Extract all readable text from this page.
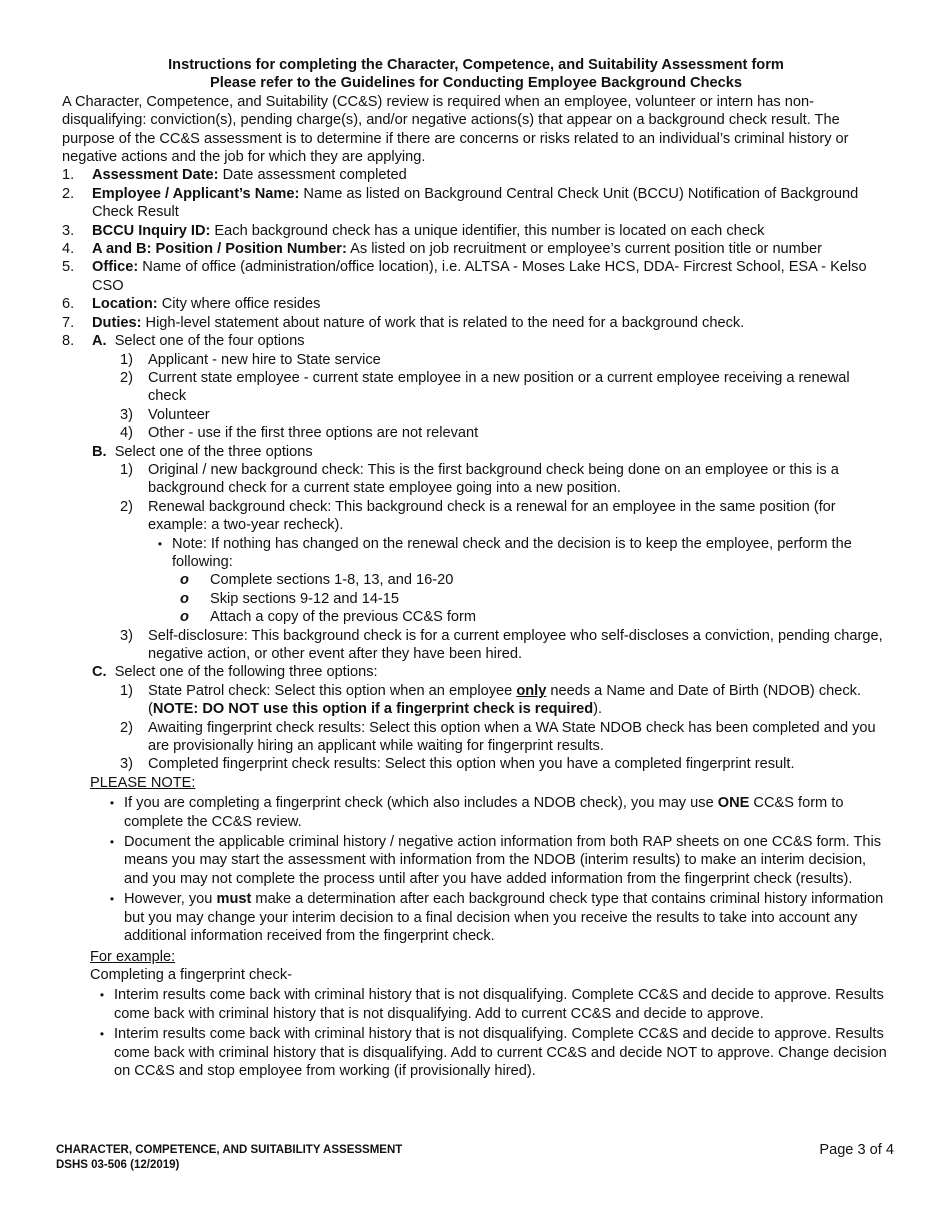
Instructions for completing the Character, Competence, and Suitability Assessment form
Please refer to the Guidelines for Conducting Employee Background Checks

A Character, Competence, and Suitability (CC&S) review is required when an employee, volunteer or intern has non-disqualifying: conviction(s), pending charge(s), and/or negative actions(s) that appear on a background check result. The purpose of the CC&S assessment is to determine if there are concerns or risks related to an individual’s criminal history or negative actions and the job for which they are applying.

1.	Assessment Date: Date assessment completed
2.	Employee / Applicant’s Name: Name as listed on Background Central Check Unit (BCCU) Notification of Background Check Result
3.	BCCU Inquiry ID: Each background check has a unique identifier, this number is located on each check
4.	A and B: Position / Position Number: As listed on job recruitment or employee’s current position title or number
5.	Office: Name of office (administration/office location), i.e. ALTSA - Moses Lake HCS, DDA- Fircrest School, ESA - Kelso CSO
6.	Location: City where office resides
7.	Duties: High-level statement about nature of work that is related to the need for a background check.
8.	A. Select one of the four options
1)	Applicant - new hire to State service
2)	Current state employee - current state employee in a new position or a current employee receiving a renewal check
3)	Volunteer
4)	Other - use if the first three options are not relevant
B. Select one of the three options
1)	Original / new background check: This is the first background check being done on an employee or this is a background check for a current state employee going into a new position.
2)	Renewal background check: This background check is a renewal for an employee in the same position (for example: a two-year recheck).
• Note: If nothing has changed on the renewal check and the decision is to keep the employee, perform the following:
o	Complete sections 1-8, 13, and 16-20
o	Skip sections 9-12 and 14-15
o	Attach a copy of the previous CC&S form
3)	Self-disclosure: This background check is for a current employee who self-discloses a conviction, pending charge, negative action, or other event after they have been hired.
C. Select one of the following three options:
1)	State Patrol check: Select this option when an employee only needs a Name and Date of Birth (NDOB) check. (NOTE: DO NOT use this option if a fingerprint check is required).
2)	Awaiting fingerprint check results: Select this option when a WA State NDOB check has been completed and you are provisionally hiring an applicant while waiting for fingerprint results.
3)	Completed fingerprint check results: Select this option when you have a completed fingerprint result.
PLEASE NOTE:
• If you are completing a fingerprint check (which also includes a NDOB check), you may use ONE CC&S form to complete the CC&S review.
• Document the applicable criminal history / negative action information from both RAP sheets on one CC&S form. This means you may start the assessment with information from the NDOB (interim results) to make an interim decision, and you may not complete the process until after you have added information from the fingerprint check (results).
• However, you must make a determination after each background check type that contains criminal history information but you may change your interim decision to a final decision when you receive the results to take into account any additional information received from the fingerprint check.
For example:
Completing a fingerprint check-
• Interim results come back with criminal history that is not disqualifying. Complete CC&S and decide to approve. Results come back with criminal history that is not disqualifying. Add to current CC&S and decide to approve.
• Interim results come back with criminal history that is not disqualifying. Complete CC&S and decide to approve. Results come back with criminal history that is disqualifying. Add to current CC&S and decide NOT to approve. Change decision on CC&S and stop employee from working (if provisionally hired).
CHARACTER, COMPETENCE, AND SUITABILITY ASSESSMENT
DSHS 03-506 (12/2019)
Page 3 of 4
